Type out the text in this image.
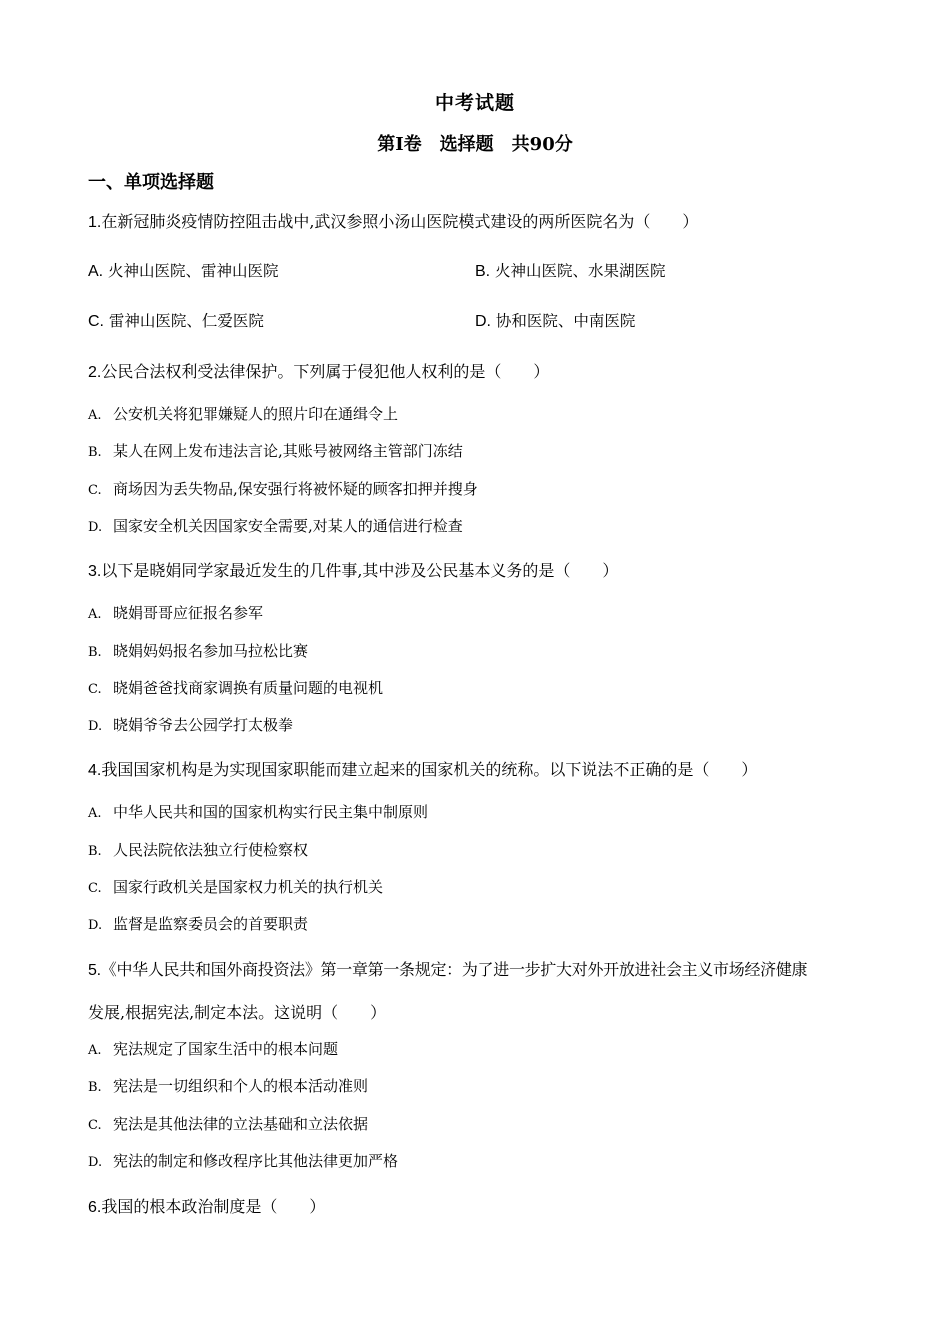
中考试题
第Ⅰ卷　选择题　共90分
一、单项选择题
1.在新冠肺炎疫情防控阻击战中,武汉参照小汤山医院模式建设的两所医院名为（　　）
A. 火神山医院、雷神山医院	B. 火神山医院、水果湖医院
C. 雷神山医院、仁爱医院	D. 协和医院、中南医院
2.公民合法权利受法律保护。下列属于侵犯他人权利的是（　　）
A. 公安机关将犯罪嫌疑人的照片印在通缉令上
B. 某人在网上发布违法言论,其账号被网络主管部门冻结
C. 商场因为丢失物品,保安强行将被怀疑的顾客扣押并搜身
D. 国家安全机关因国家安全需要,对某人的通信进行检查
3.以下是晓娟同学家最近发生的几件事,其中涉及公民基本义务的是（　　）
A. 晓娟哥哥应征报名参军
B. 晓娟妈妈报名参加马拉松比赛
C. 晓娟爸爸找商家调换有质量问题的电视机
D. 晓娟爷爷去公园学打太极拳
4.我国国家机构是为实现国家职能而建立起来的国家机关的统称。以下说法不正确的是（　　）
A. 中华人民共和国的国家机构实行民主集中制原则
B. 人民法院依法独立行使检察权
C. 国家行政机关是国家权力机关的执行机关
D. 监督是监察委员会的首要职责
5.《中华人民共和国外商投资法》第一章第一条规定：为了进一步扩大对外开放进社会主义市场经济健康
发展,根据宪法,制定本法。这说明（　　）
A. 宪法规定了国家生活中的根本问题
B. 宪法是一切组织和个人的根本活动准则
C. 宪法是其他法律的立法基础和立法依据
D. 宪法的制定和修改程序比其他法律更加严格
6.我国的根本政治制度是（　　）
